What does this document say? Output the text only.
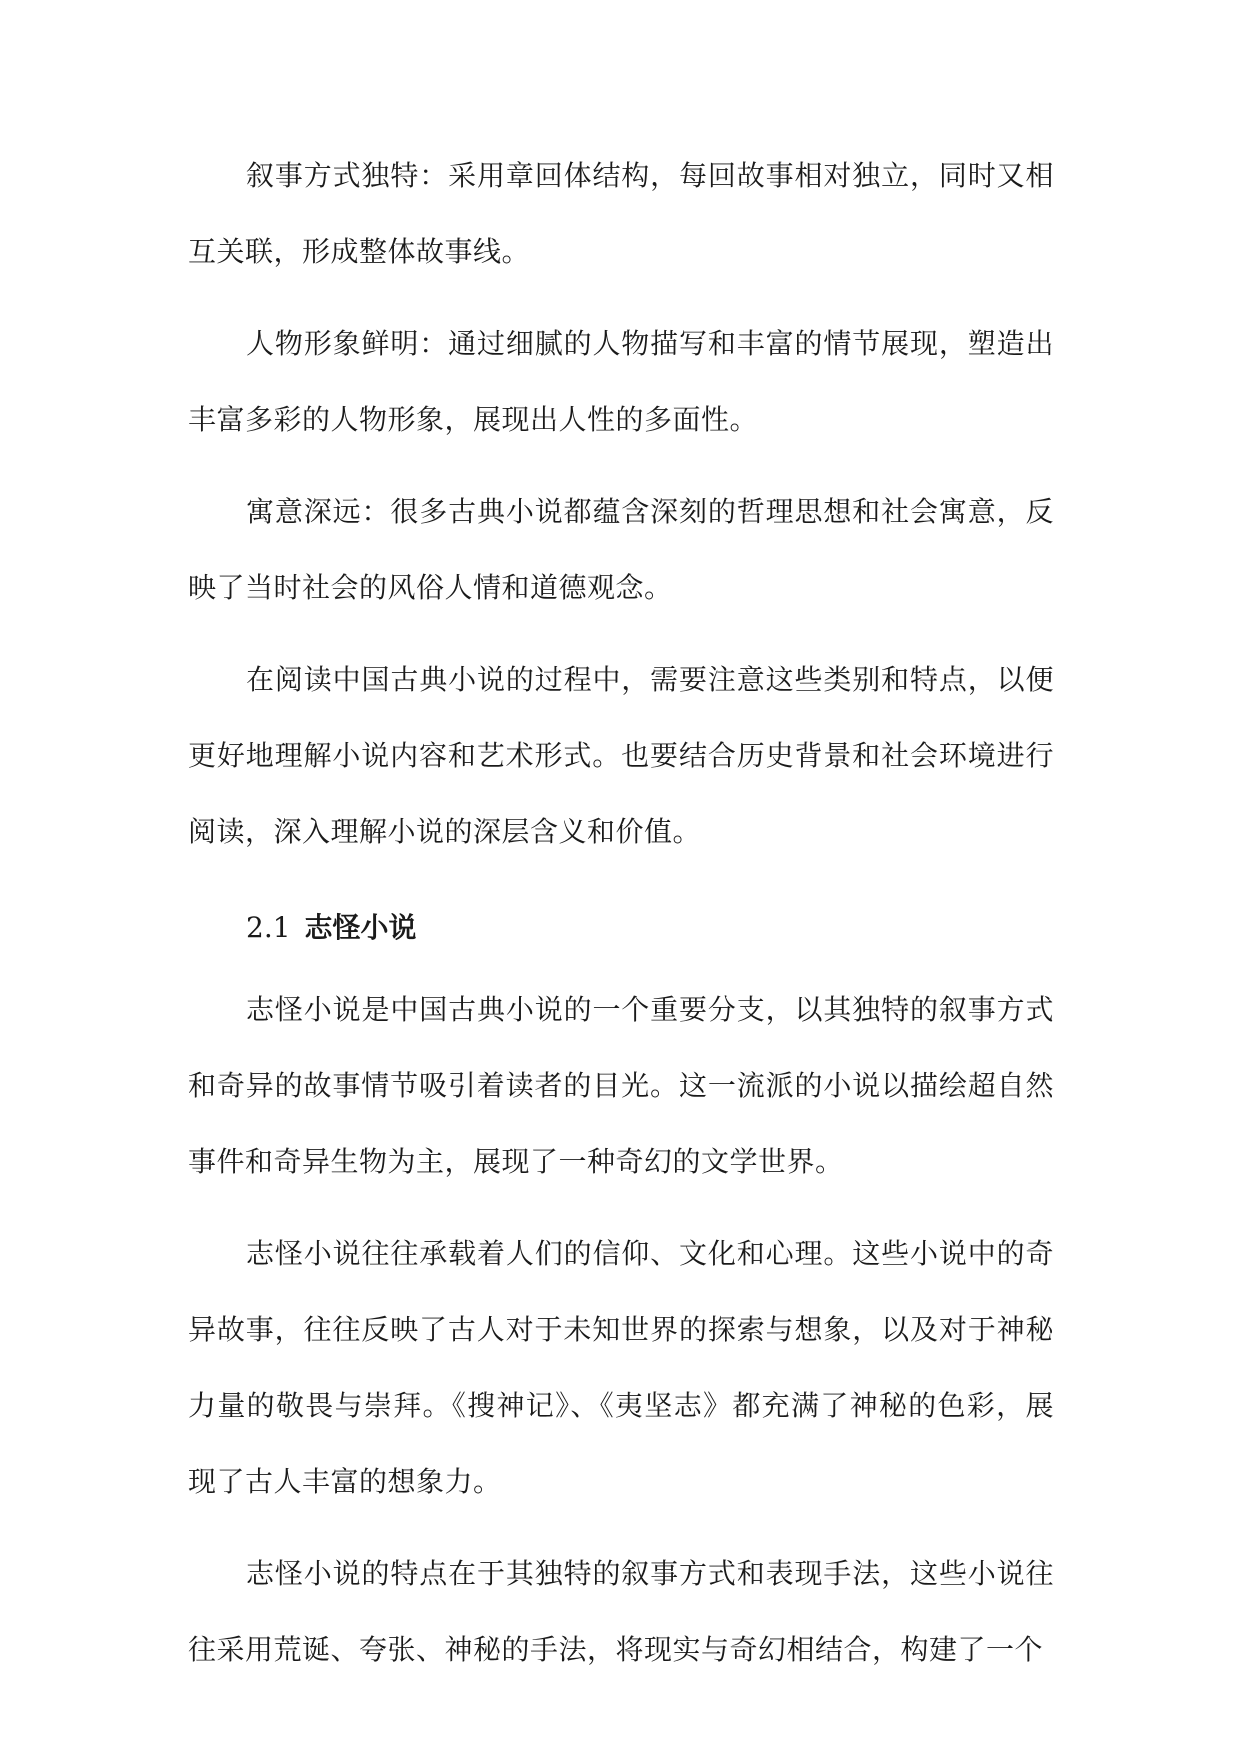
叙事方式独特：采用章回体结构，每回故事相对独立，同时又相互关联，形成整体故事线。

人物形象鲜明：通过细腻的人物描写和丰富的情节展现，塑造出丰富多彩的人物形象，展现出人性的多面性。

寓意深远：很多古典小说都蕴含深刻的哲理思想和社会寓意，反映了当时社会的风俗人情和道德观念。

在阅读中国古典小说的过程中，需要注意这些类别和特点，以便更好地理解小说内容和艺术形式。也要结合历史背景和社会环境进行阅读，深入理解小说的深层含义和价值。

2.1 志怪小说

志怪小说是中国古典小说的一个重要分支，以其独特的叙事方式和奇异的故事情节吸引着读者的目光。这一流派的小说以描绘超自然事件和奇异生物为主，展现了一种奇幻的文学世界。

志怪小说往往承载着人们的信仰、文化和心理。这些小说中的奇异故事，往往反映了古人对于未知世界的探索与想象，以及对于神秘力量的敬畏与崇拜。《搜神记》、《夷坚志》都充满了神秘的色彩，展现了古人丰富的想象力。

志怪小说的特点在于其独特的叙事方式和表现手法，这些小说往往采用荒诞、夸张、神秘的手法，将现实与奇幻相结合，构建了一个
